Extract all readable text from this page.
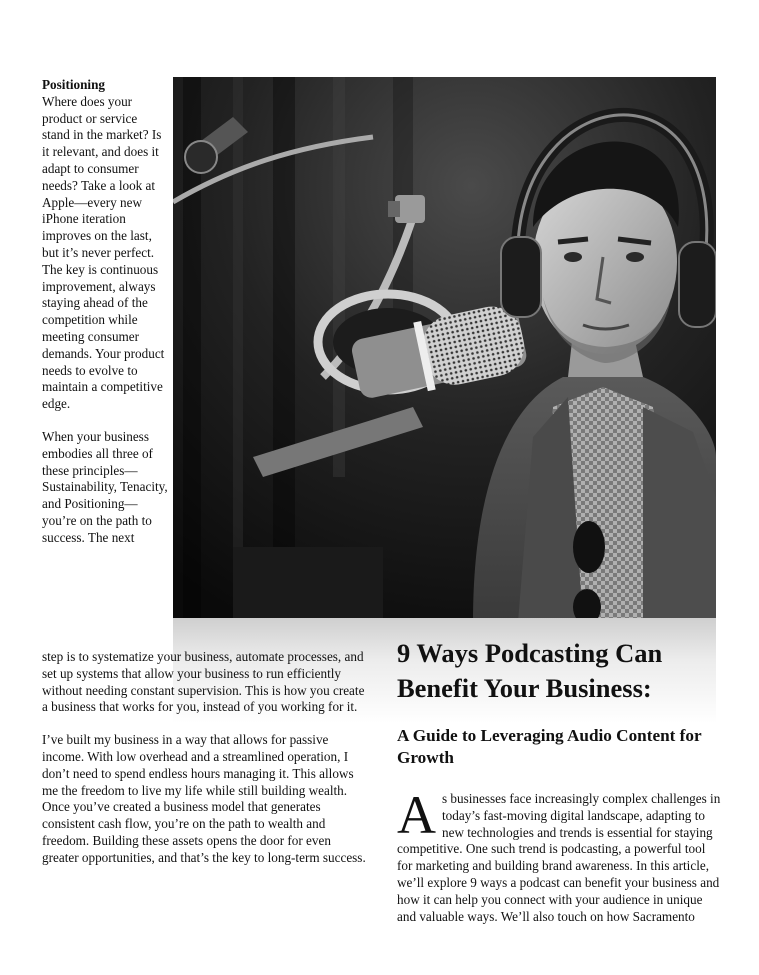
Positioning
Where does your product or service stand in the market? Is it relevant, and does it adapt to consumer needs? Take a look at Apple—every new iPhone iteration improves on the last, but it’s never perfect. The key is continuous improvement, always staying ahead of the competition while meeting consumer demands. Your product needs to evolve to maintain a competitive edge.

When your business embodies all three of these principles— Sustainability, Tenacity, and Positioning— you’re on the path to success. The next

step is to systematize your business, automate processes, and set up systems that allow your business to run efficiently without needing constant supervision. This is how you create a business that works for you, instead of you working for it.

I’ve built my business in a way that allows for passive income. With low overhead and a streamlined operation, I don’t need to spend endless hours managing it. This allows me the freedom to live my life while still building wealth. Once you’ve created a business model that generates consistent cash flow, you’re on the path to wealth and freedom. Building these assets opens the door for even greater opportunities, and that’s the key to long-term success.

9 Ways Podcasting Can Benefit Your Business:
A Guide to Leveraging Audio Content for Growth

A s businesses face increasingly complex challenges in today’s fast-moving digital landscape, adapting to new technologies and trends is essential for staying competitive. One such trend is podcasting, a powerful tool for marketing and building brand awareness. In this article, we’ll explore 9 ways a podcast can benefit your business and how it can help you connect with your audience in unique and valuable ways. We’ll also touch on how Sacramento
